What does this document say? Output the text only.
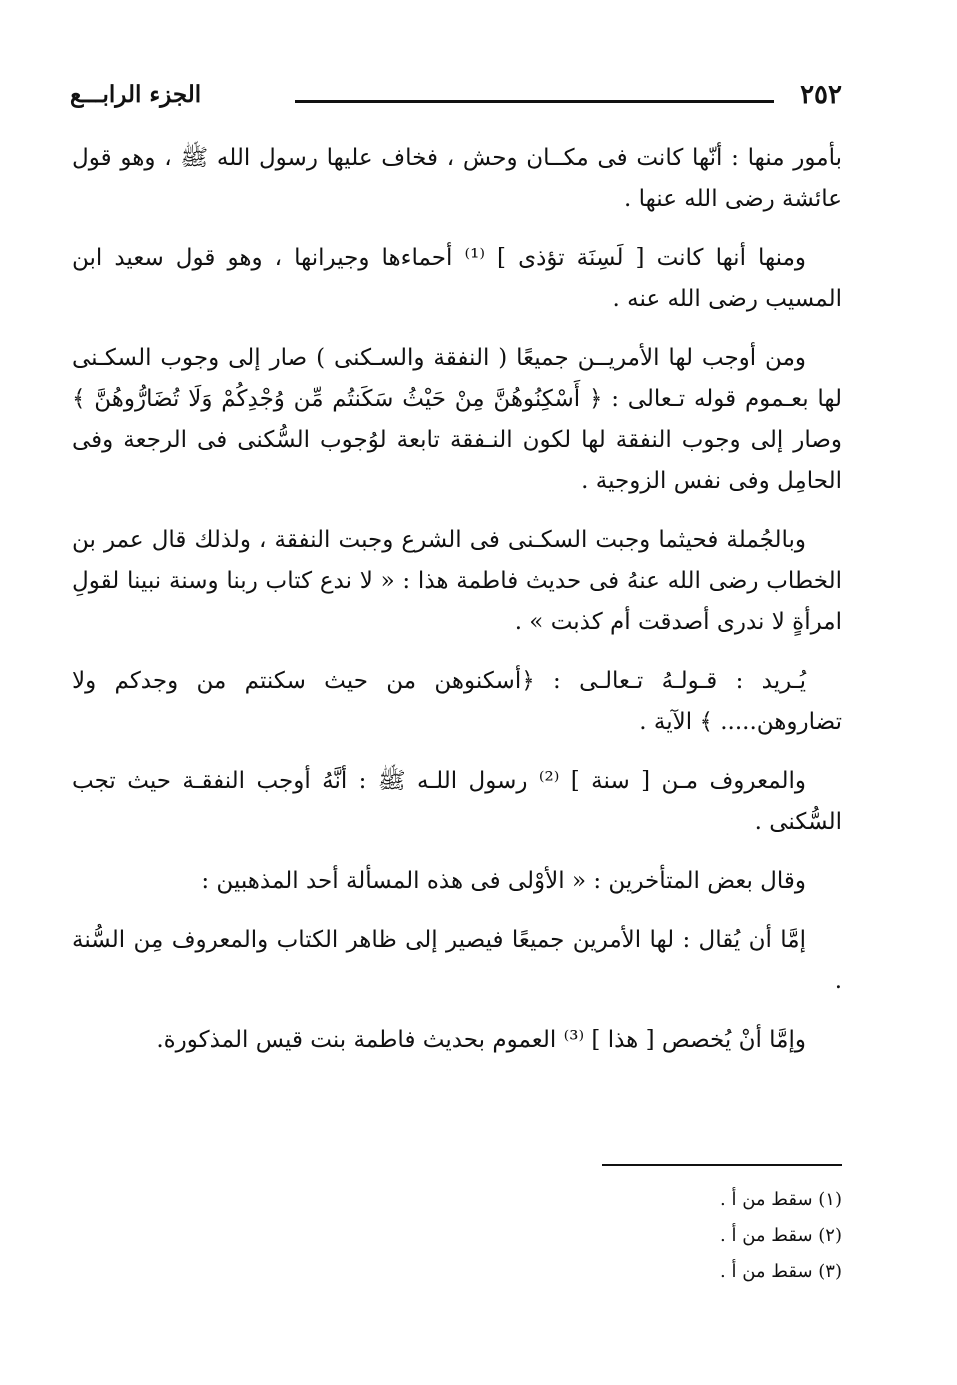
٢٥٢
الجزء الرابـــع

بأمور منها : أنّها كانت فى مكــان وحش ، فخاف عليها رسول الله ﷺ ، وهو قول عائشة رضى الله عنها .

ومنها أنها كانت [ لَسِنَة تؤذى ] ⁽¹⁾ أحماءها وجيرانها ، وهو قول سعيد ابن المسيب رضى الله عنه .

ومن أوجب لها الأمريــن جميعًا ( النفقة والسـكنى ) صار إلى وجوب السكـنى لها بعـموم قوله تـعالى : ﴿ أَسْكِنُوهُنَّ مِنْ حَيْثُ سَكَنتُم مِّن وُجْدِكُمْ وَلَا تُضَارُّوهُنَّ ﴾ وصار إلى وجوب النفقة لها لكون النـفقة تابعة لوُجوب السُّكنى فى الرجعة وفى الحامِل وفى نفس الزوجية .

وبالجُملة فحيثما وجبت السكـنى فى الشرع وجبت النفقة ، ولذلك قال عمر بن الخطاب رضى الله عنهُ فى حديث فاطمة هذا : « لا ندع كتاب ربنا وسنة نبينا لقولِ امرأةٍ لا ندرى أصدقت أم كذبت » .

يُـريد : قـولـهُ تـعالـى : ﴿أسكنوهن من حيث سكنتم من وجدكم ولا تضاروهن..... ﴾ الآية .

والمعروف مـن [ سنة ] ⁽²⁾ رسول اللـه ﷺ : أنَّهُ أوجب النفقـة حيث تجب السُّكنى .

وقال بعض المتأخرين : « الأوْلى فى هذه المسألة أحد المذهبين :

إمَّا أن يُقال : لها الأمرين جميعًا فيصير إلى ظاهر الكتاب والمعروف مِن السُّنة .

وإمَّا أنْ يُخصص [ هذا ] ⁽³⁾ العموم بحديث فاطمة بنت قيس المذكورة.

(١) سقط من أ .

(٢) سقط من أ .

(٣) سقط من أ .
